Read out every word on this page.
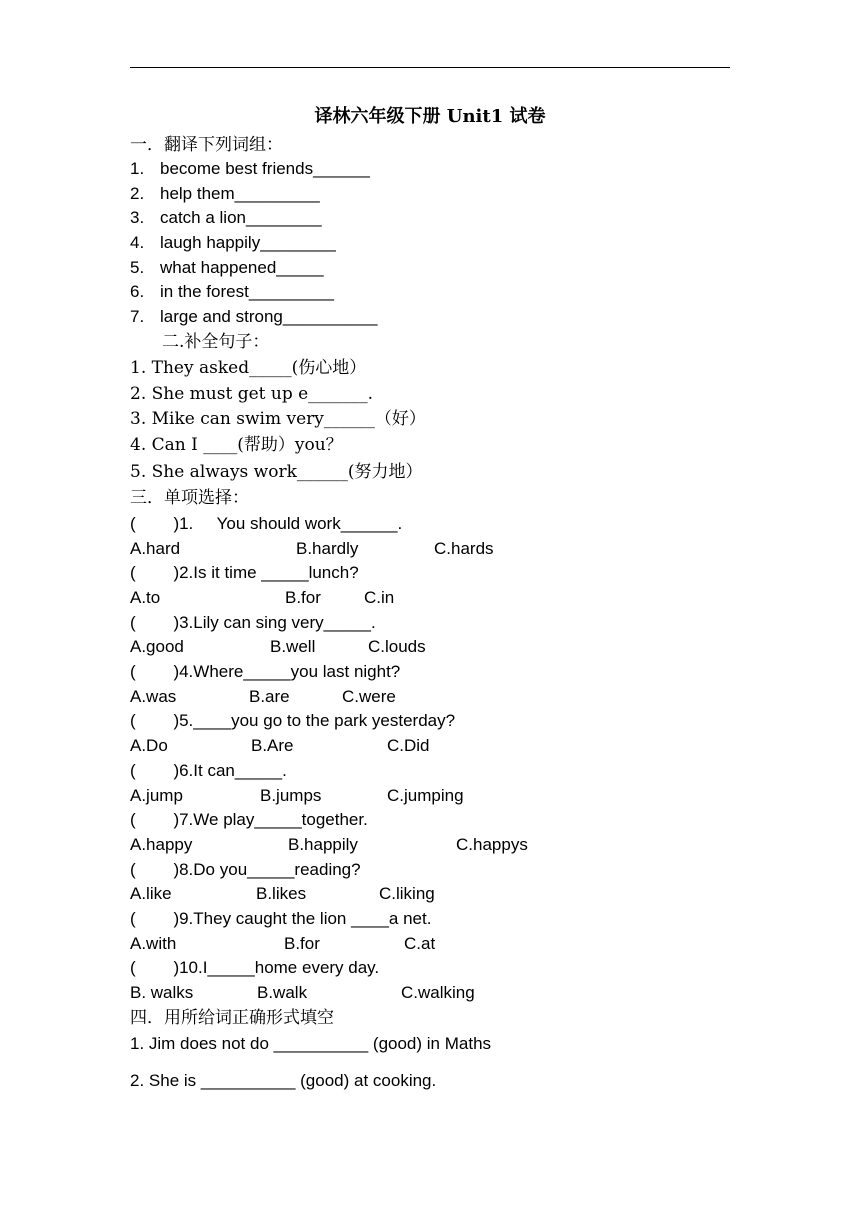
译林六年级下册 Unit1 试卷
一．翻译下列词组：
1. become best friends______
2. help them_________
3. catch a lion________
4. laugh happily________
5. what happened_____
6. in the forest_________
7. large and strong__________
二.补全句子：
1. They asked_____(伤心地）
2. She must get up e_______.
3. Mike can swim very______（好）
4. Can I ____(帮助）you？
5. She always work______(努力地）
三．单项选择：
(        )1.     You should work______.
A.hard	B.hardly	C.hards
(        )2.Is it time _____lunch?
A.to	B.for	C.in
(        )3.Lily can sing very_____.
A.good	B.well	C.louds
(        )4.Where_____you last night?
A.was	B.are	C.were
(        )5.____you go to the park yesterday?
A.Do	B.Are	C.Did
(        )6.It can_____.
A.jump	B.jumps	C.jumping
(        )7.We play_____together.
A.happy	B.happily	C.happys
(        )8.Do you_____reading?
A.like	B.likes	C.liking
(        )9.They caught the lion ____a net.
A.with	B.for	C.at
(        )10.I_____home every day.
B. walks	B.walk	C.walking
四．用所给词正确形式填空
1. Jim does not do __________ (good) in Maths
2. She is __________ (good) at cooking.
